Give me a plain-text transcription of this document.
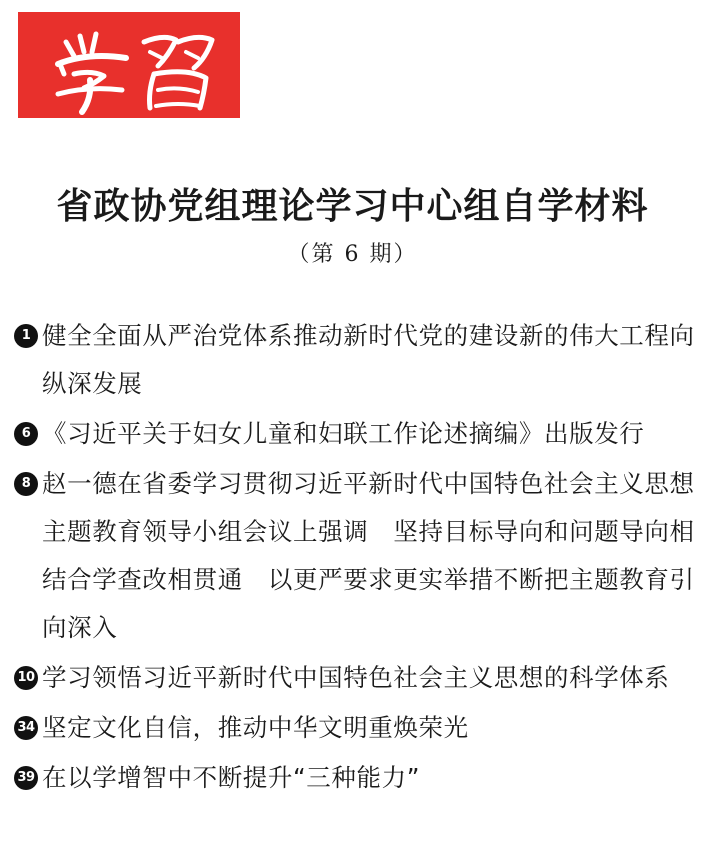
省政协党组理论学习中心组自学材料
（第 6 期）
1 健全全面从严治党体系推动新时代党的建设新的伟大工程向纵深发展
6 《习近平关于妇女儿童和妇联工作论述摘编》出版发行
8 赵一德在省委学习贯彻习近平新时代中国特色社会主义思想主题教育领导小组会议上强调　坚持目标导向和问题导向相结合学查改相贯通　以更严要求更实举措不断把主题教育引向深入
10 学习领悟习近平新时代中国特色社会主义思想的科学体系
34 坚定文化自信，推动中华文明重焕荣光
39 在以学增智中不断提升“三种能力”
